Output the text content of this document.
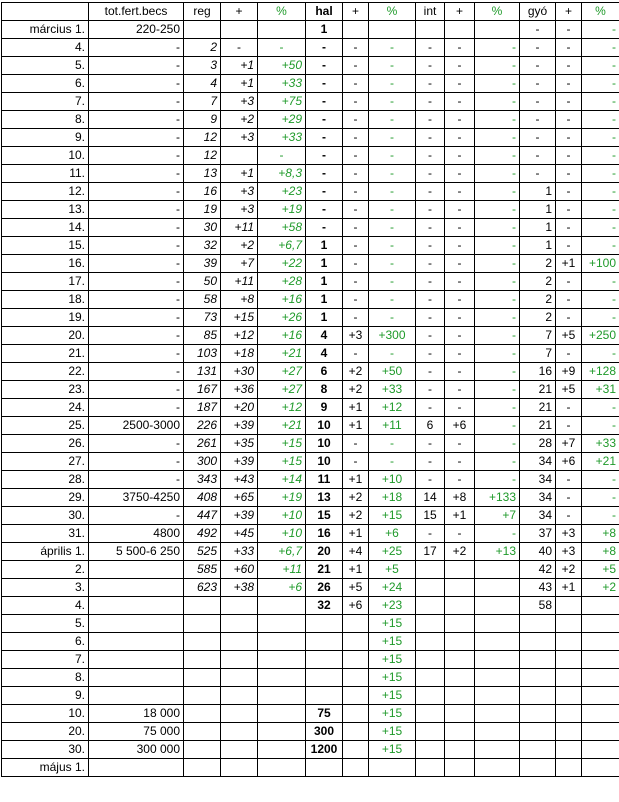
	tot.fert.becs	reg	+	%	hal	+	%	int	+	%	gyó	+	%
március 1.	220-250				1						-	-	-
4.	-	2	-	-	-	-	-	-	-	-	-	-	-
5.	-	3	+1	+50	-	-	-	-	-	-	-	-	-
6.	-	4	+1	+33	-	-	-	-	-	-	-	-	-
7.	-	7	+3	+75	-	-	-	-	-	-	-	-	-
8.	-	9	+2	+29	-	-	-	-	-	-	-	-	-
9.	-	12	+3	+33	-	-	-	-	-	-	-	-	-
10.	-	12		-	-	-	-	-	-	-	-	-	-
11.	-	13	+1	+8,3	-	-	-	-	-	-	-	-	-
12.	-	16	+3	+23	-	-	-	-	-	-	1	-	-
13.	-	19	+3	+19	-	-	-	-	-	-	1	-	-
14.	-	30	+11	+58	-	-	-	-	-	-	1	-	-
15.	-	32	+2	+6,7	1	-	-	-	-	-	1	-	-
16.	-	39	+7	+22	1	-	-	-	-	-	2	+1	+100
17.	-	50	+11	+28	1	-	-	-	-	-	2	-	-
18.	-	58	+8	+16	1	-	-	-	-	-	2	-	-
19.	-	73	+15	+26	1	-	-	-	-	-	2	-	-
20.	-	85	+12	+16	4	+3	+300	-	-	-	7	+5	+250
21.	-	103	+18	+21	4	-	-	-	-	-	7	-	-
22.	-	131	+30	+27	6	+2	+50	-	-	-	16	+9	+128
23.	-	167	+36	+27	8	+2	+33	-	-	-	21	+5	+31
24.	-	187	+20	+12	9	+1	+12	-	-	-	21	-	-
25.	2500-3000	226	+39	+21	10	+1	+11	6	+6	-	21	-	-
26.	-	261	+35	+15	10	-	-	-	-	-	28	+7	+33
27.	-	300	+39	+15	10	-	-	-	-	-	34	+6	+21
28.	-	343	+43	+14	11	+1	+10	-	-	-	34	-	-
29.	3750-4250	408	+65	+19	13	+2	+18	14	+8	+133	34	-	-
30.	-	447	+39	+10	15	+2	+15	15	+1	+7	34	-	-
31.	4800	492	+45	+10	16	+1	+6	-	-	-	37	+3	+8
április 1.	5 500-6 250	525	+33	+6,7	20	+4	+25	17	+2	+13	40	+3	+8
2.		585	+60	+11	21	+1	+5				42	+2	+5
3.		623	+38	+6	26	+5	+24				43	+1	+2
4.					32	+6	+23				58		
5.							+15						
6.							+15						
7.							+15						
8.							+15						
9.							+15						
10.	18 000				75		+15						
20.	75 000				300		+15						
30.	300 000				1200		+15						
május 1.													
